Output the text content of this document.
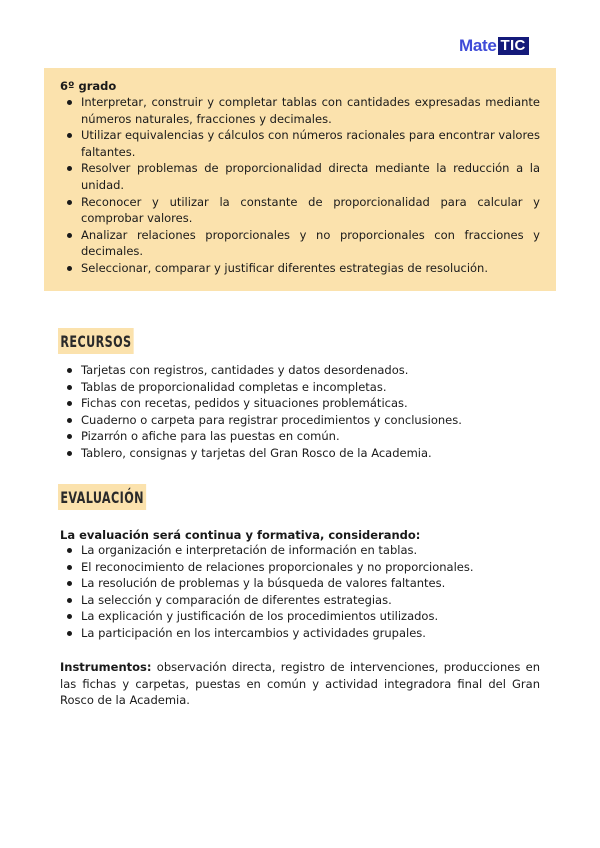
Mate TIC
6º grado
Interpretar, construir y completar tablas con cantidades expresadas mediante números naturales, fracciones y decimales.
Utilizar equivalencias y cálculos con números racionales para encontrar valores faltantes.
Resolver problemas de proporcionalidad directa mediante la reducción a la unidad.
Reconocer y utilizar la constante de proporcionalidad para calcular y comprobar valores.
Analizar relaciones proporcionales y no proporcionales con fracciones y decimales.
Seleccionar, comparar y justificar diferentes estrategias de resolución.
RECURSOS
Tarjetas con registros, cantidades y datos desordenados.
Tablas de proporcionalidad completas e incompletas.
Fichas con recetas, pedidos y situaciones problemáticas.
Cuaderno o carpeta para registrar procedimientos y conclusiones.
Pizarrón o afiche para las puestas en común.
Tablero, consignas y tarjetas del Gran Rosco de la Academia.
EVALUACIÓN
La evaluación será continua y formativa, considerando:
La organización e interpretación de información en tablas.
El reconocimiento de relaciones proporcionales y no proporcionales.
La resolución de problemas y la búsqueda de valores faltantes.
La selección y comparación de diferentes estrategias.
La explicación y justificación de los procedimientos utilizados.
La participación en los intercambios y actividades grupales.
Instrumentos: observación directa, registro de intervenciones, producciones en las fichas y carpetas, puestas en común y actividad integradora final del Gran Rosco de la Academia.
